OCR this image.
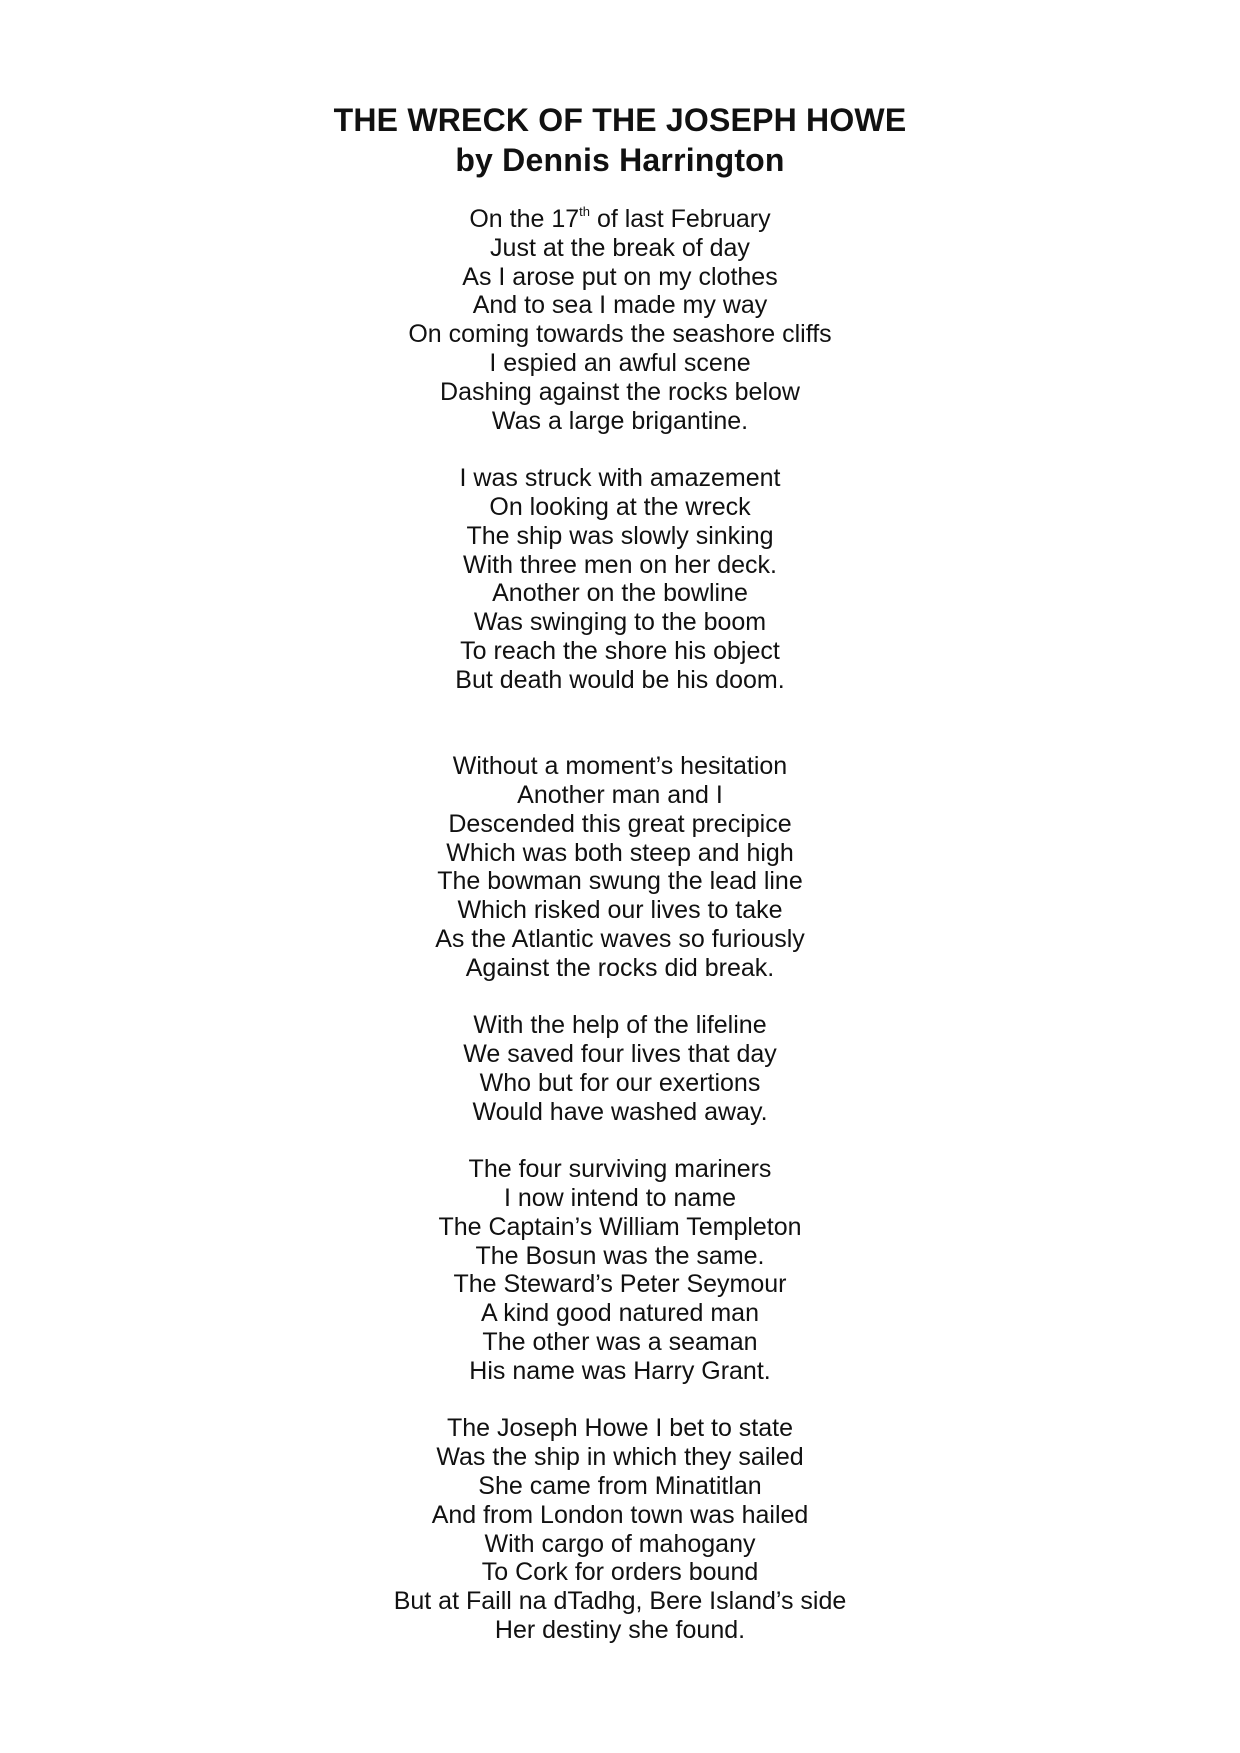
THE WRECK OF THE JOSEPH HOWE
by Dennis Harrington
On the 17th of last February
Just at the break of day
As I arose put on my clothes
And to sea I made my way
On coming towards the seashore cliffs
I espied an awful scene
Dashing against the rocks below
Was a large brigantine.
I was struck with amazement
On looking at the wreck
The ship was slowly sinking
With three men on her deck.
Another on the bowline
Was swinging to the boom
To reach the shore his object
But death would be his doom.
Without a moment’s hesitation
Another man and I
Descended this great precipice
Which was both steep and high
The bowman swung the lead line
Which risked our lives to take
As the Atlantic waves so furiously
Against the rocks did break.
With the help of the lifeline
We saved four lives that day
Who but for our exertions
Would have washed away.
The four surviving mariners
I now intend to name
The Captain’s William Templeton
The Bosun was the same.
The Steward’s Peter Seymour
A kind good natured man
The other was a seaman
His name was Harry Grant.
The Joseph Howe I bet to state
Was the ship in which they sailed
She came from Minatitlan
And from London town was hailed
With cargo of mahogany
To Cork for orders bound
But at Faill na dTadhg, Bere Island’s side
Her destiny she found.
